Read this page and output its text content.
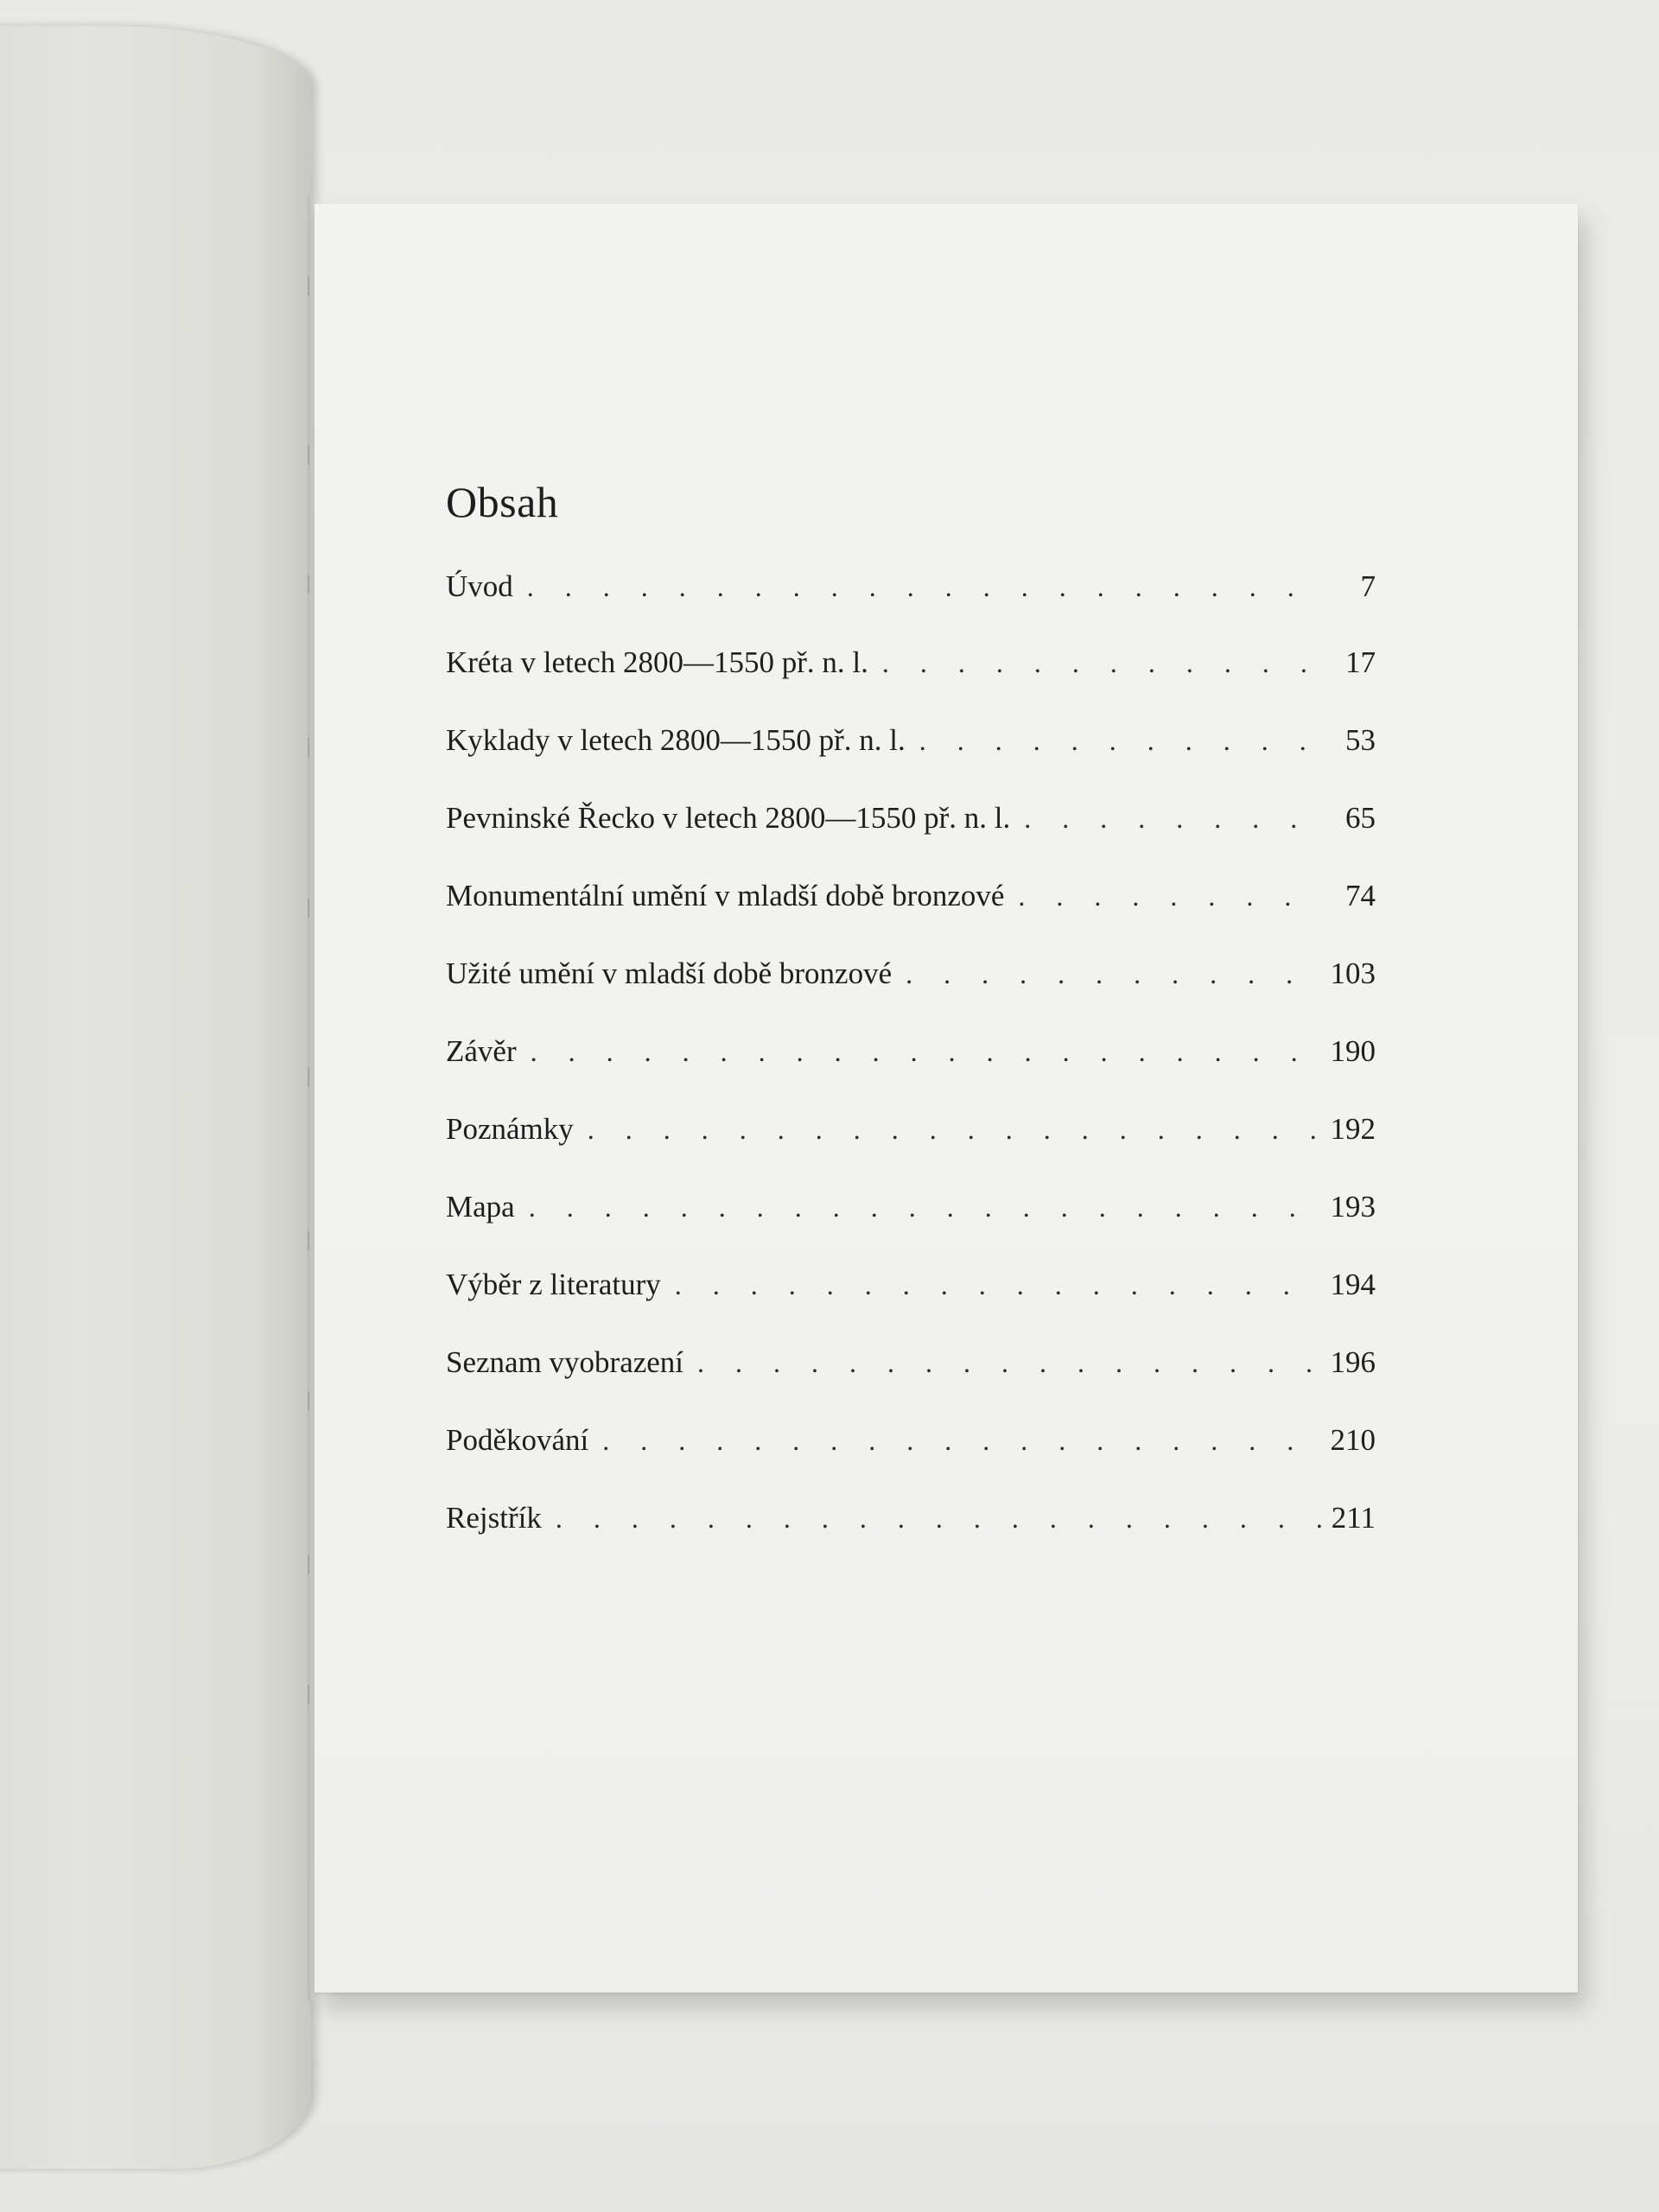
Obsah
Úvod . . .	7
Kréta v letech 2800—1550 př. n. l. . . .	17
Kyklady v letech 2800—1550 př. n. l. . . .	53
Pevninské Řecko v letech 2800—1550 př. n. l. . . .	65
Monumentální umění v mladší době bronzové . . .	74
Užité umění v mladší době bronzové . . .	103
Závěr . . .	190
Poznámky . . .	192
Mapa . . .	193
Výběr z literatury . . .	194
Seznam vyobrazení . . .	196
Poděkování . . .	210
Rejstřík . . .	211
